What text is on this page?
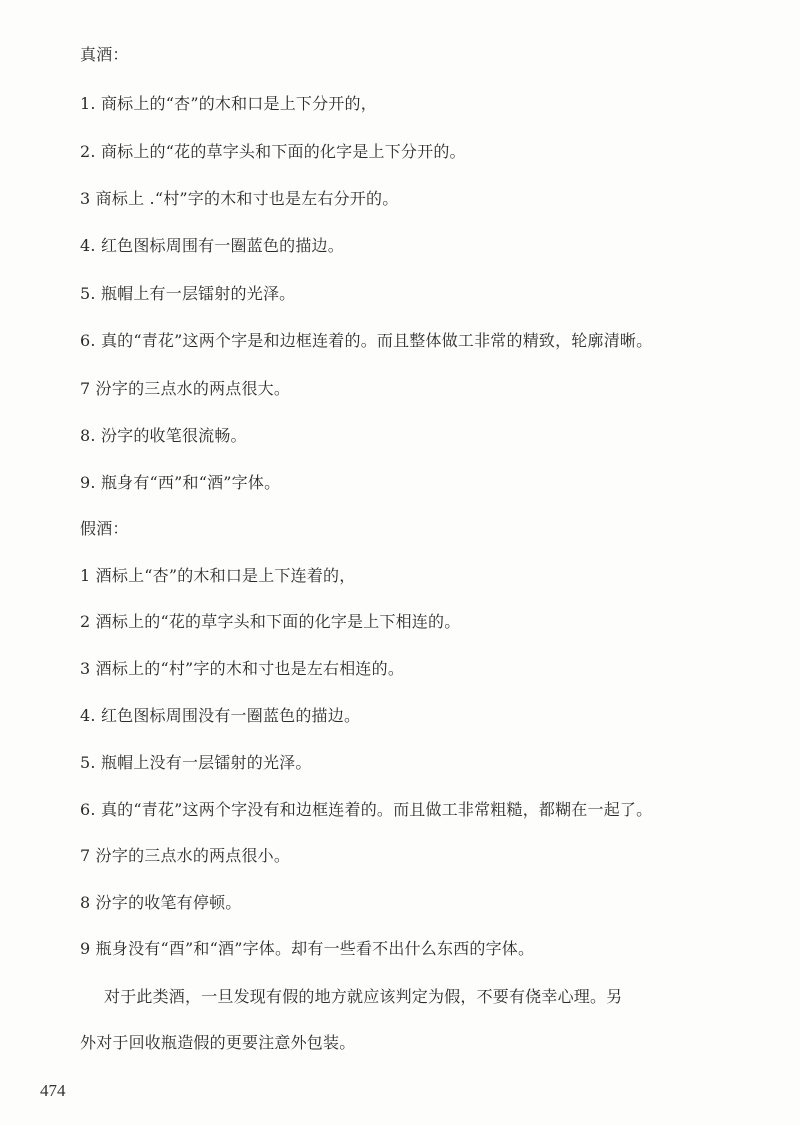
真酒：
1. 商标上的“杏”的木和口是上下分开的，
2. 商标上的“花的草字头和下面的化字是上下分开的。
3 商标上 .“村”字的木和寸也是左右分开的。
4. 红色图标周围有一圈蓝色的描边。
5. 瓶帽上有一层镭射的光泽。
6. 真的“青花”这两个字是和边框连着的。而且整体做工非常的精致，轮廓清晰。
7 汾字的三点水的两点很大。
8. 汾字的收笔很流畅。
9. 瓶身有“西”和“酒”字体。
假酒：
1 酒标上“杏”的木和口是上下连着的，
2 酒标上的“花的草字头和下面的化字是上下相连的。
3 酒标上的“村”字的木和寸也是左右相连的。
4. 红色图标周围没有一圈蓝色的描边。
5. 瓶帽上没有一层镭射的光泽。
6. 真的“青花”这两个字没有和边框连着的。而且做工非常粗糙，都糊在一起了。
7 汾字的三点水的两点很小。
8 汾字的收笔有停顿。
9 瓶身没有“酉”和“酒”字体。却有一些看不出什么东西的字体。
对于此类酒，一旦发现有假的地方就应该判定为假，不要有侥幸心理。另
外对于回收瓶造假的更要注意外包装。
474
